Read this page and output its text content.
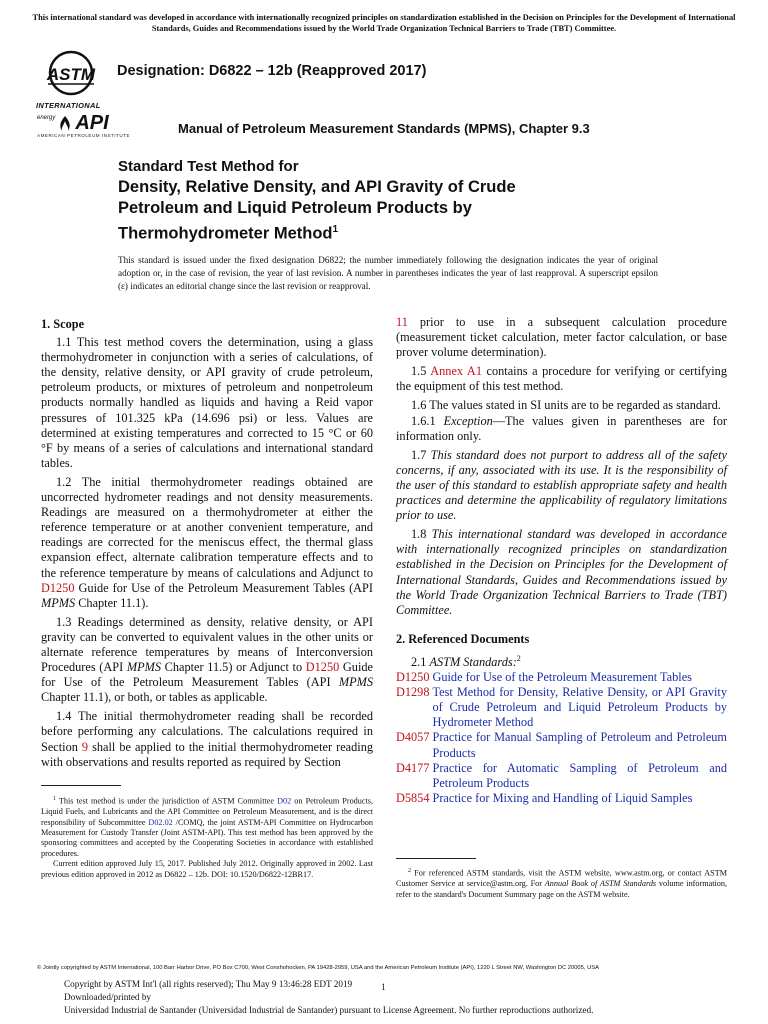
This international standard was developed in accordance with internationally recognized principles on standardization established in the Decision on Principles for the Development of International Standards, Guides and Recommendations issued by the World Trade Organization Technical Barriers to Trade (TBT) Committee.
ASTM
INTERNATIONAL
Designation: D6822 – 12b (Reapproved 2017)
energy API
AMERICAN PETROLEUM INSTITUTE	Manual of Petroleum Measurement Standards (MPMS), Chapter 9.3
Standard Test Method for
Density, Relative Density, and API Gravity of Crude
Petroleum and Liquid Petroleum Products by
Thermohydrometer Method$^1$
This standard is issued under the fixed designation D6822; the number immediately following the designation indicates the year of original adoption or, in the case of revision, the year of last revision. A number in parentheses indicates the year of last reapproval. A superscript epsilon (ε) indicates an editorial change since the last revision or reapproval.
1. Scope

1.1 This test method covers the determination, using a glass thermohydrometer in conjunction with a series of calculations, of the density, relative density, or API gravity of crude petroleum, petroleum products, or mixtures of petroleum and nonpetroleum products normally handled as liquids and having a Reid vapor pressures of 101.325 kPa (14.696 psi) or less. Values are determined at existing temperatures and corrected to 15 °C or 60 °F by means of a series of calculations and international standard tables.

1.2 The initial thermohydrometer readings obtained are uncorrected hydrometer readings and not density measurements. Readings are measured on a thermohydrometer at either the reference temperature or at another convenient temperature, and readings are corrected for the meniscus effect, the thermal glass expansion effect, alternate calibration temperature effects and to the reference temperature by means of calculations and Adjunct to D1250 Guide for Use of the Petroleum Measurement Tables (API MPMS Chapter 11.1).

1.3 Readings determined as density, relative density, or API gravity can be converted to equivalent values in the other units or alternate reference temperatures by means of Interconversion Procedures (API MPMS Chapter 11.5) or Adjunct to D1250 Guide for Use of the Petroleum Measurement Tables (API MPMS Chapter 11.1), or both, or tables as applicable.

1.4 The initial thermohydrometer reading shall be recorded before performing any calculations. The calculations required in Section 9 shall be applied to the initial thermohydrometer reading with observations and results reported as required by Section

11 prior to use in a subsequent calculation procedure (measurement ticket calculation, meter factor calculation, or base prover volume determination).

1.5 Annex A1 contains a procedure for verifying or certifying the equipment of this test method.

1.6 The values stated in SI units are to be regarded as standard.

1.6.1 Exception—The values given in parentheses are for information only.

1.7 This standard does not purport to address all of the safety concerns, if any, associated with its use. It is the responsibility of the user of this standard to establish appropriate safety and health practices and determine the applicability of regulatory limitations prior to use.

1.8 This international standard was developed in accordance with internationally recognized principles on standardization established in the Decision on Principles for the Development of International Standards, Guides and Recommendations issued by the World Trade Organization Technical Barriers to Trade (TBT) Committee.

2. Referenced Documents

2.1 ASTM Standards:$^2$

D1250 Guide for Use of the Petroleum Measurement Tables
D1298 Test Method for Density, Relative Density, or API Gravity of Crude Petroleum and Liquid Petroleum Products by Hydrometer Method
D4057 Practice for Manual Sampling of Petroleum and Petroleum Products
D4177 Practice for Automatic Sampling of Petroleum and Petroleum Products
D5854 Practice for Mixing and Handling of Liquid Samples

$^1$ This test method is under the jurisdiction of ASTM Committee D02 on Petroleum Products, Liquid Fuels, and Lubricants and the API Committee on Petroleum Measurement, and is the direct responsibility of Subcommittee D02.02 /COMQ, the joint ASTM-API Committee on Hydrocarbon Measurement for Custody Transfer (Joint ASTM-API). This test method has been approved by the sponsoring committees and accepted by the Cooperating Societies in accordance with established procedures.

Current edition approved July 15, 2017. Published July 2012. Originally approved in 2002. Last previous edition approved in 2012 as D6822 – 12b. DOI: 10.1520/D6822-12BR17.	$^2$ For referenced ASTM standards, visit the ASTM website, www.astm.org, or contact ASTM Customer Service at service@astm.org. For Annual Book of ASTM Standards volume information, refer to the standard's Document Summary page on the ASTM website.

© Jointly copyrighted by ASTM International, 100 Barr Harbor Drive, PO Box C700, West Conshohocken, PA 19428-2959, USA and the American Petroleum Institute (API), 1220 L Street NW, Washington DC 20005, USA
Copyright by ASTM Int'l (all rights reserved); Thu May 9 13:46:28 EDT 2019
Downloaded/printed by
Universidad Industrial de Santander (Universidad Industrial de Santander) pursuant to License Agreement. No further reproductions authorized.
1
